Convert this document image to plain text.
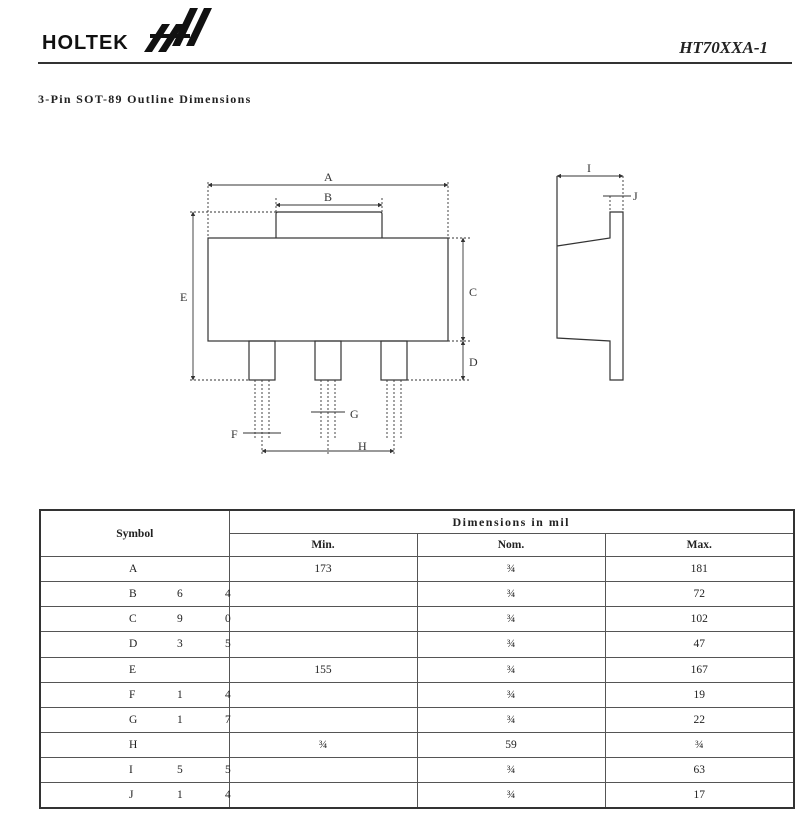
HOLTEK	HT70XXA-1
3-Pin SOT-89 Outline Dimensions
A
B
C
D
E
F
G
H
I
J
Symbol	Dimensions in mil		
	Min.	Nom.	Max.

A	173	¾	181

B 6 4		¾	72

C 9 0		¾	102

D 3 5		¾	47

E	155	¾	167

F 1 4		¾	19

G 1 7		¾	22

H	¾	59	¾

I 5 5		¾	63

J 1 4		¾	17
